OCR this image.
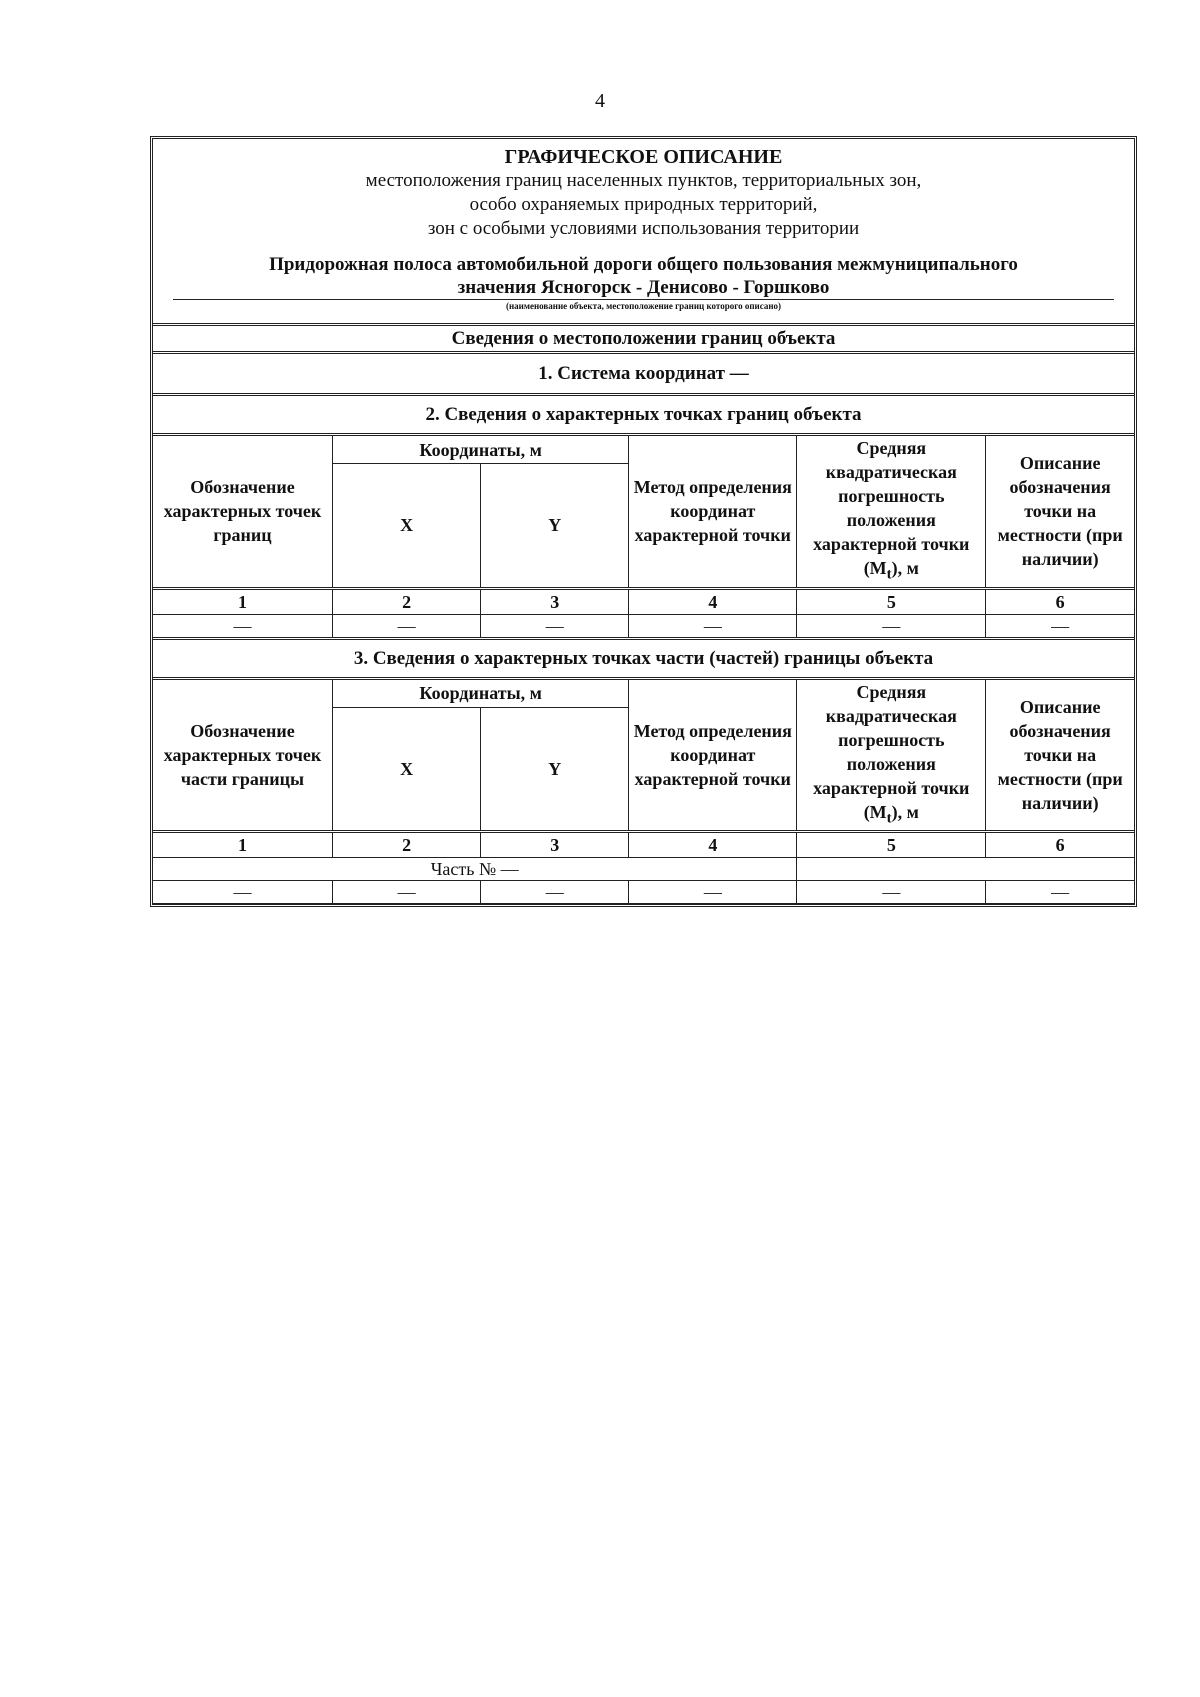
4
ГРАФИЧЕСКОЕ ОПИСАНИЕ
местоположения границ населенных пунктов, территориальных зон,
особо охраняемых природных территорий,
зон с особыми условиями использования территории
Придорожная полоса автомобильной дороги общего пользования межмуниципального
значения Ясногорск - Денисово - Горшково
(наименование объекта, местоположение границ которого описано)
Сведения о местоположении границ объекта
1. Система координат —
2. Сведения о характерных точках границ объекта
Обозначение характерных точек границ	Координаты, м		Метод определения координат характерной точки	Средняя квадратическая погрешность положения характерной точки $(M_t)$, м	Описание обозначения точки на местности (при наличии)
	X	Y			
1	2	3	4	5	6
—	—	—	—	—	—
3. Сведения о характерных точках части (частей) границы объекта
Обозначение характерных точек части границы	Координаты, м		Метод определения координат характерной точки	Средняя квадратическая погрешность положения характерной точки $(M_t)$, м	Описание обозначения точки на местности (при наличии)
	X	Y			
1	2	3	4	5	6
Часть № —					
—	—	—	—	—	—
